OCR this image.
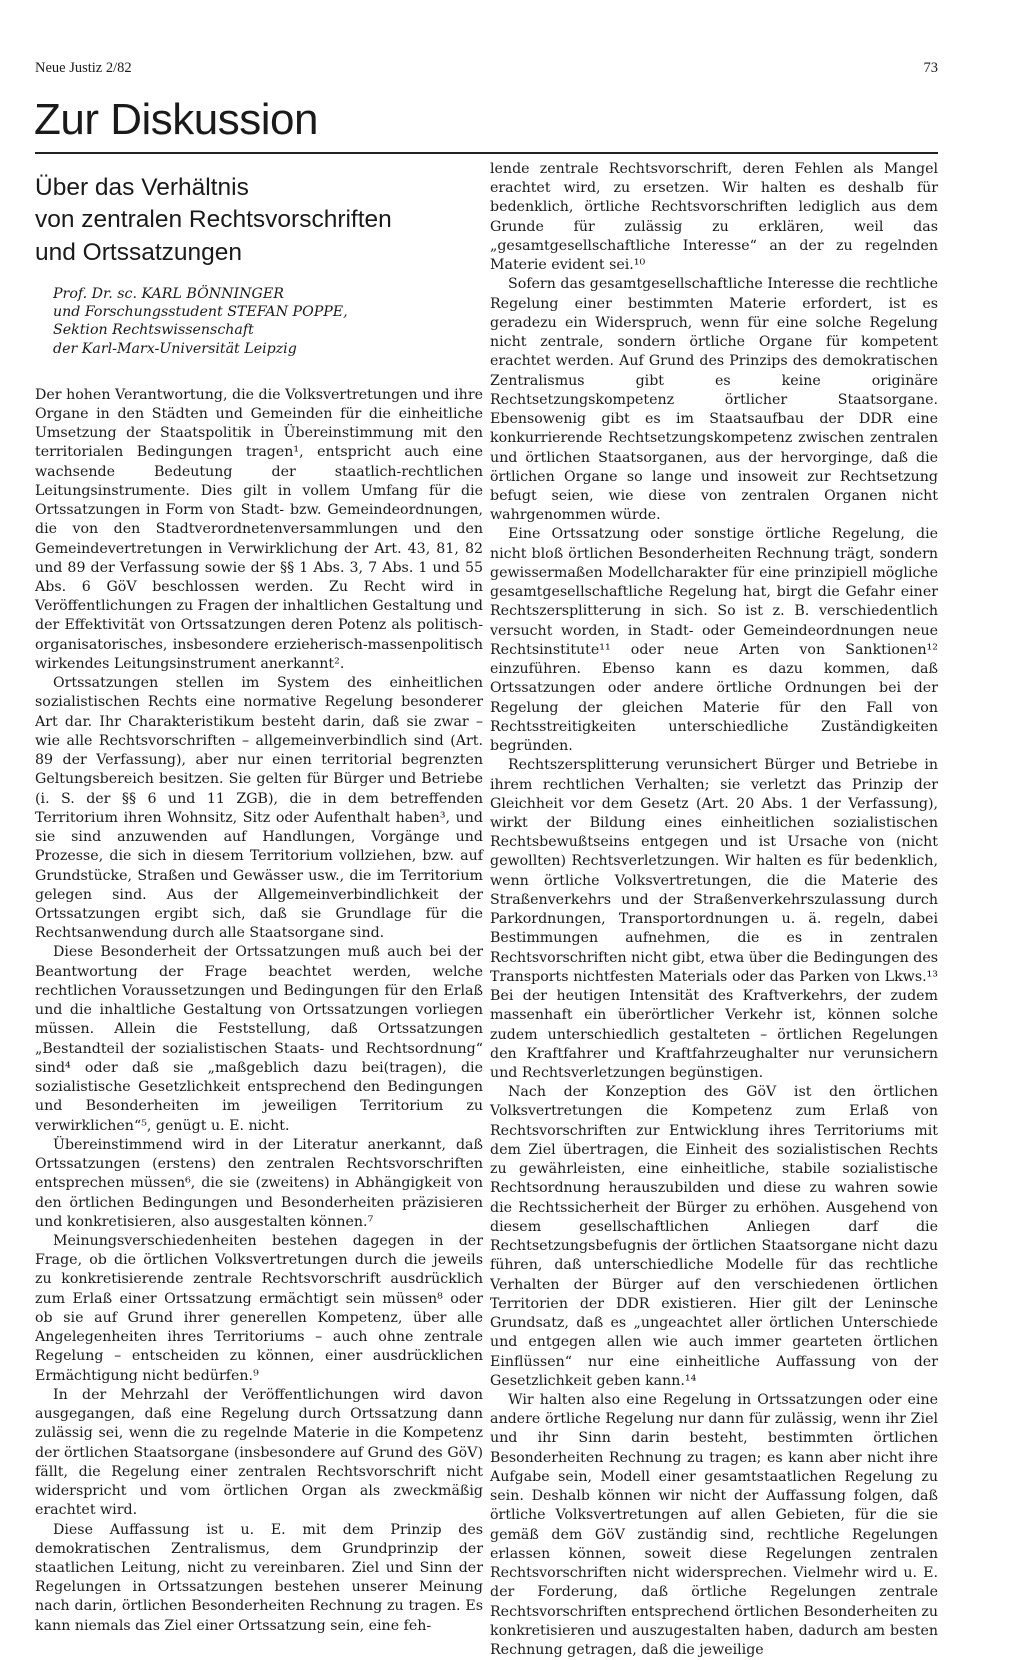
Neue Justiz 2/82	73
Zur Diskussion
Über das Verhältnis
von zentralen Rechtsvorschriften
und Ortssatzungen
Prof. Dr. sc. KARL BÖNNINGER
und Forschungsstudent STEFAN POPPE,
Sektion Rechtswissenschaft
der Karl-Marx-Universität Leipzig

Der hohen Verantwortung, die die Volksvertretungen und ihre Organe in den Städten und Gemeinden für die einheitliche Umsetzung der Staatspolitik in Übereinstimmung mit den territorialen Bedingungen tragen¹, entspricht auch eine wachsende Bedeutung der staatlich-rechtlichen Leitungsinstrumente. Dies gilt in vollem Umfang für die Ortssatzungen in Form von Stadt- bzw. Gemeindeordnungen, die von den Stadtverordnetenversammlungen und den Gemeindevertretungen in Verwirklichung der Art. 43, 81, 82 und 89 der Verfassung sowie der §§ 1 Abs. 3, 7 Abs. 1 und 55 Abs. 6 GöV beschlossen werden. Zu Recht wird in Veröffentlichungen zu Fragen der inhaltlichen Gestaltung und der Effektivität von Ortssatzungen deren Potenz als politisch-organisatorisches, insbesondere erzieherisch-massenpolitisch wirkendes Leitungsinstrument anerkannt².

Ortssatzungen stellen im System des einheitlichen sozialistischen Rechts eine normative Regelung besonderer Art dar. Ihr Charakteristikum besteht darin, daß sie zwar – wie alle Rechtsvorschriften – allgemeinverbindlich sind (Art. 89 der Verfassung), aber nur einen territorial begrenzten Geltungsbereich besitzen. Sie gelten für Bürger und Betriebe (i. S. der §§ 6 und 11 ZGB), die in dem betreffenden Territorium ihren Wohnsitz, Sitz oder Aufenthalt haben³, und sie sind anzuwenden auf Handlungen, Vorgänge und Prozesse, die sich in diesem Territorium vollziehen, bzw. auf Grundstücke, Straßen und Gewässer usw., die im Territorium gelegen sind. Aus der Allgemeinverbindlichkeit der Ortssatzungen ergibt sich, daß sie Grundlage für die Rechtsanwendung durch alle Staatsorgane sind.

Diese Besonderheit der Ortssatzungen muß auch bei der Beantwortung der Frage beachtet werden, welche rechtlichen Voraussetzungen und Bedingungen für den Erlaß und die inhaltliche Gestaltung von Ortssatzungen vorliegen müssen. Allein die Feststellung, daß Ortssatzungen „Bestandteil der sozialistischen Staats- und Rechtsordnung“ sind⁴ oder daß sie „maßgeblich dazu bei(tragen), die sozialistische Gesetzlichkeit entsprechend den Bedingungen und Besonderheiten im jeweiligen Territorium zu verwirklichen“⁵, genügt u. E. nicht.

Übereinstimmend wird in der Literatur anerkannt, daß Ortssatzungen (erstens) den zentralen Rechtsvorschriften entsprechen müssen⁶, die sie (zweitens) in Abhängigkeit von den örtlichen Bedingungen und Besonderheiten präzisieren und konkretisieren, also ausgestalten können.⁷

Meinungsverschiedenheiten bestehen dagegen in der Frage, ob die örtlichen Volksvertretungen durch die jeweils zu konkretisierende zentrale Rechtsvorschrift ausdrücklich zum Erlaß einer Ortssatzung ermächtigt sein müssen⁸ oder ob sie auf Grund ihrer generellen Kompetenz, über alle Angelegenheiten ihres Territoriums – auch ohne zentrale Regelung – entscheiden zu können, einer ausdrücklichen Ermächtigung nicht bedürfen.⁹

In der Mehrzahl der Veröffentlichungen wird davon ausgegangen, daß eine Regelung durch Ortssatzung dann zulässig sei, wenn die zu regelnde Materie in die Kompetenz der örtlichen Staatsorgane (insbesondere auf Grund des GöV) fällt, die Regelung einer zentralen Rechtsvorschrift nicht widerspricht und vom örtlichen Organ als zweckmäßig erachtet wird.

Diese Auffassung ist u. E. mit dem Prinzip des demokratischen Zentralismus, dem Grundprinzip der staatlichen Leitung, nicht zu vereinbaren. Ziel und Sinn der Regelungen in Ortssatzungen bestehen unserer Meinung nach darin, örtlichen Besonderheiten Rechnung zu tragen. Es kann niemals das Ziel einer Ortssatzung sein, eine feh-

lende zentrale Rechtsvorschrift, deren Fehlen als Mangel erachtet wird, zu ersetzen. Wir halten es deshalb für bedenklich, örtliche Rechtsvorschriften lediglich aus dem Grunde für zulässig zu erklären, weil das „gesamtgesellschaftliche Interesse“ an der zu regelnden Materie evident sei.¹⁰

Sofern das gesamtgesellschaftliche Interesse die rechtliche Regelung einer bestimmten Materie erfordert, ist es geradezu ein Widerspruch, wenn für eine solche Regelung nicht zentrale, sondern örtliche Organe für kompetent erachtet werden. Auf Grund des Prinzips des demokratischen Zentralismus gibt es keine originäre Rechtsetzungskompetenz örtlicher Staatsorgane. Ebensowenig gibt es im Staatsaufbau der DDR eine konkurrierende Rechtsetzungskompetenz zwischen zentralen und örtlichen Staatsorganen, aus der hervorginge, daß die örtlichen Organe so lange und insoweit zur Rechtsetzung befugt seien, wie diese von zentralen Organen nicht wahrgenommen würde.

Eine Ortssatzung oder sonstige örtliche Regelung, die nicht bloß örtlichen Besonderheiten Rechnung trägt, sondern gewissermaßen Modellcharakter für eine prinzipiell mögliche gesamtgesellschaftliche Regelung hat, birgt die Gefahr einer Rechtszersplitterung in sich. So ist z. B. verschiedentlich versucht worden, in Stadt- oder Gemeindeordnungen neue Rechtsinstitute¹¹ oder neue Arten von Sanktionen¹² einzuführen. Ebenso kann es dazu kommen, daß Ortssatzungen oder andere örtliche Ordnungen bei der Regelung der gleichen Materie für den Fall von Rechtsstreitigkeiten unterschiedliche Zuständigkeiten begründen.

Rechtszersplitterung verunsichert Bürger und Betriebe in ihrem rechtlichen Verhalten; sie verletzt das Prinzip der Gleichheit vor dem Gesetz (Art. 20 Abs. 1 der Verfassung), wirkt der Bildung eines einheitlichen sozialistischen Rechtsbewußtseins entgegen und ist Ursache von (nicht gewollten) Rechtsverletzungen. Wir halten es für bedenklich, wenn örtliche Volksvertretungen, die die Materie des Straßenverkehrs und der Straßenverkehrszulassung durch Parkordnungen, Transportordnungen u. ä. regeln, dabei Bestimmungen aufnehmen, die es in zentralen Rechtsvorschriften nicht gibt, etwa über die Bedingungen des Transports nichtfesten Materials oder das Parken von Lkws.¹³ Bei der heutigen Intensität des Kraftverkehrs, der zudem massenhaft ein überörtlicher Verkehr ist, können solche zudem unterschiedlich gestalteten – örtlichen Regelungen den Kraftfahrer und Kraftfahrzeughalter nur verunsichern und Rechtsverletzungen begünstigen.

Nach der Konzeption des GöV ist den örtlichen Volksvertretungen die Kompetenz zum Erlaß von Rechtsvorschriften zur Entwicklung ihres Territoriums mit dem Ziel übertragen, die Einheit des sozialistischen Rechts zu gewährleisten, eine einheitliche, stabile sozialistische Rechtsordnung herauszubilden und diese zu wahren sowie die Rechtssicherheit der Bürger zu erhöhen. Ausgehend von diesem gesellschaftlichen Anliegen darf die Rechtsetzungsbefugnis der örtlichen Staatsorgane nicht dazu führen, daß unterschiedliche Modelle für das rechtliche Verhalten der Bürger auf den verschiedenen örtlichen Territorien der DDR existieren. Hier gilt der Leninsche Grundsatz, daß es „ungeachtet aller örtlichen Unterschiede und entgegen allen wie auch immer gearteten örtlichen Einflüssen“ nur eine einheitliche Auffassung von der Gesetzlichkeit geben kann.¹⁴

Wir halten also eine Regelung in Ortssatzungen oder eine andere örtliche Regelung nur dann für zulässig, wenn ihr Ziel und ihr Sinn darin besteht, bestimmten örtlichen Besonderheiten Rechnung zu tragen; es kann aber nicht ihre Aufgabe sein, Modell einer gesamtstaatlichen Regelung zu sein. Deshalb können wir nicht der Auffassung folgen, daß örtliche Volksvertretungen auf allen Gebieten, für die sie gemäß dem GöV zuständig sind, rechtliche Regelungen erlassen können, soweit diese Regelungen zentralen Rechtsvorschriften nicht widersprechen. Vielmehr wird u. E. der Forderung, daß örtliche Regelungen zentrale Rechtsvorschriften entsprechend örtlichen Besonderheiten zu konkretisieren und auszugestalten haben, dadurch am besten Rechnung getragen, daß die jeweilige
